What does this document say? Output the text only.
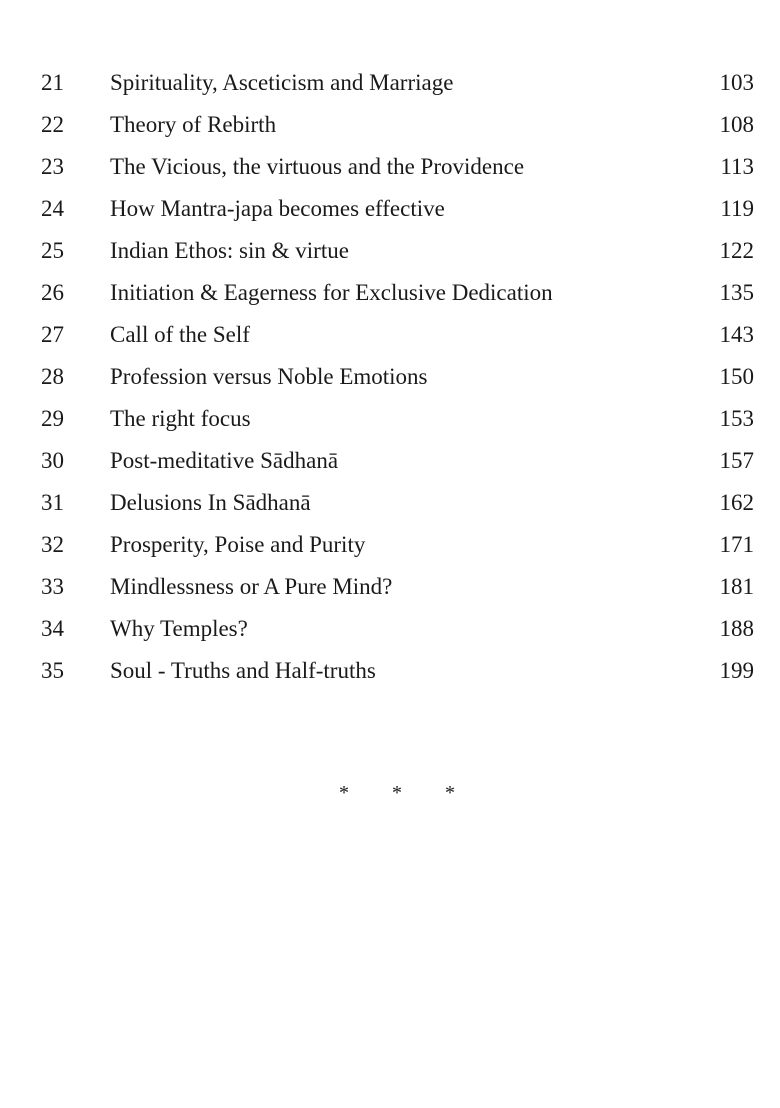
21	Spirituality, Asceticism and Marriage	103
22	Theory of Rebirth	108
23	The Vicious, the virtuous and the Providence	113
24	How Mantra-japa becomes effective	119
25	Indian Ethos: sin & virtue	122
26	Initiation & Eagerness for Exclusive Dedication	135
27	Call of the Self	143
28	Profession versus Noble Emotions	150
29	The right focus	153
30	Post-meditative Sādhanā	157
31	Delusions In Sādhanā	162
32	Prosperity, Poise and Purity	171
33	Mindlessness or A Pure Mind?	181
34	Why Temples?	188
35	Soul - Truths and Half-truths	199
* * *
